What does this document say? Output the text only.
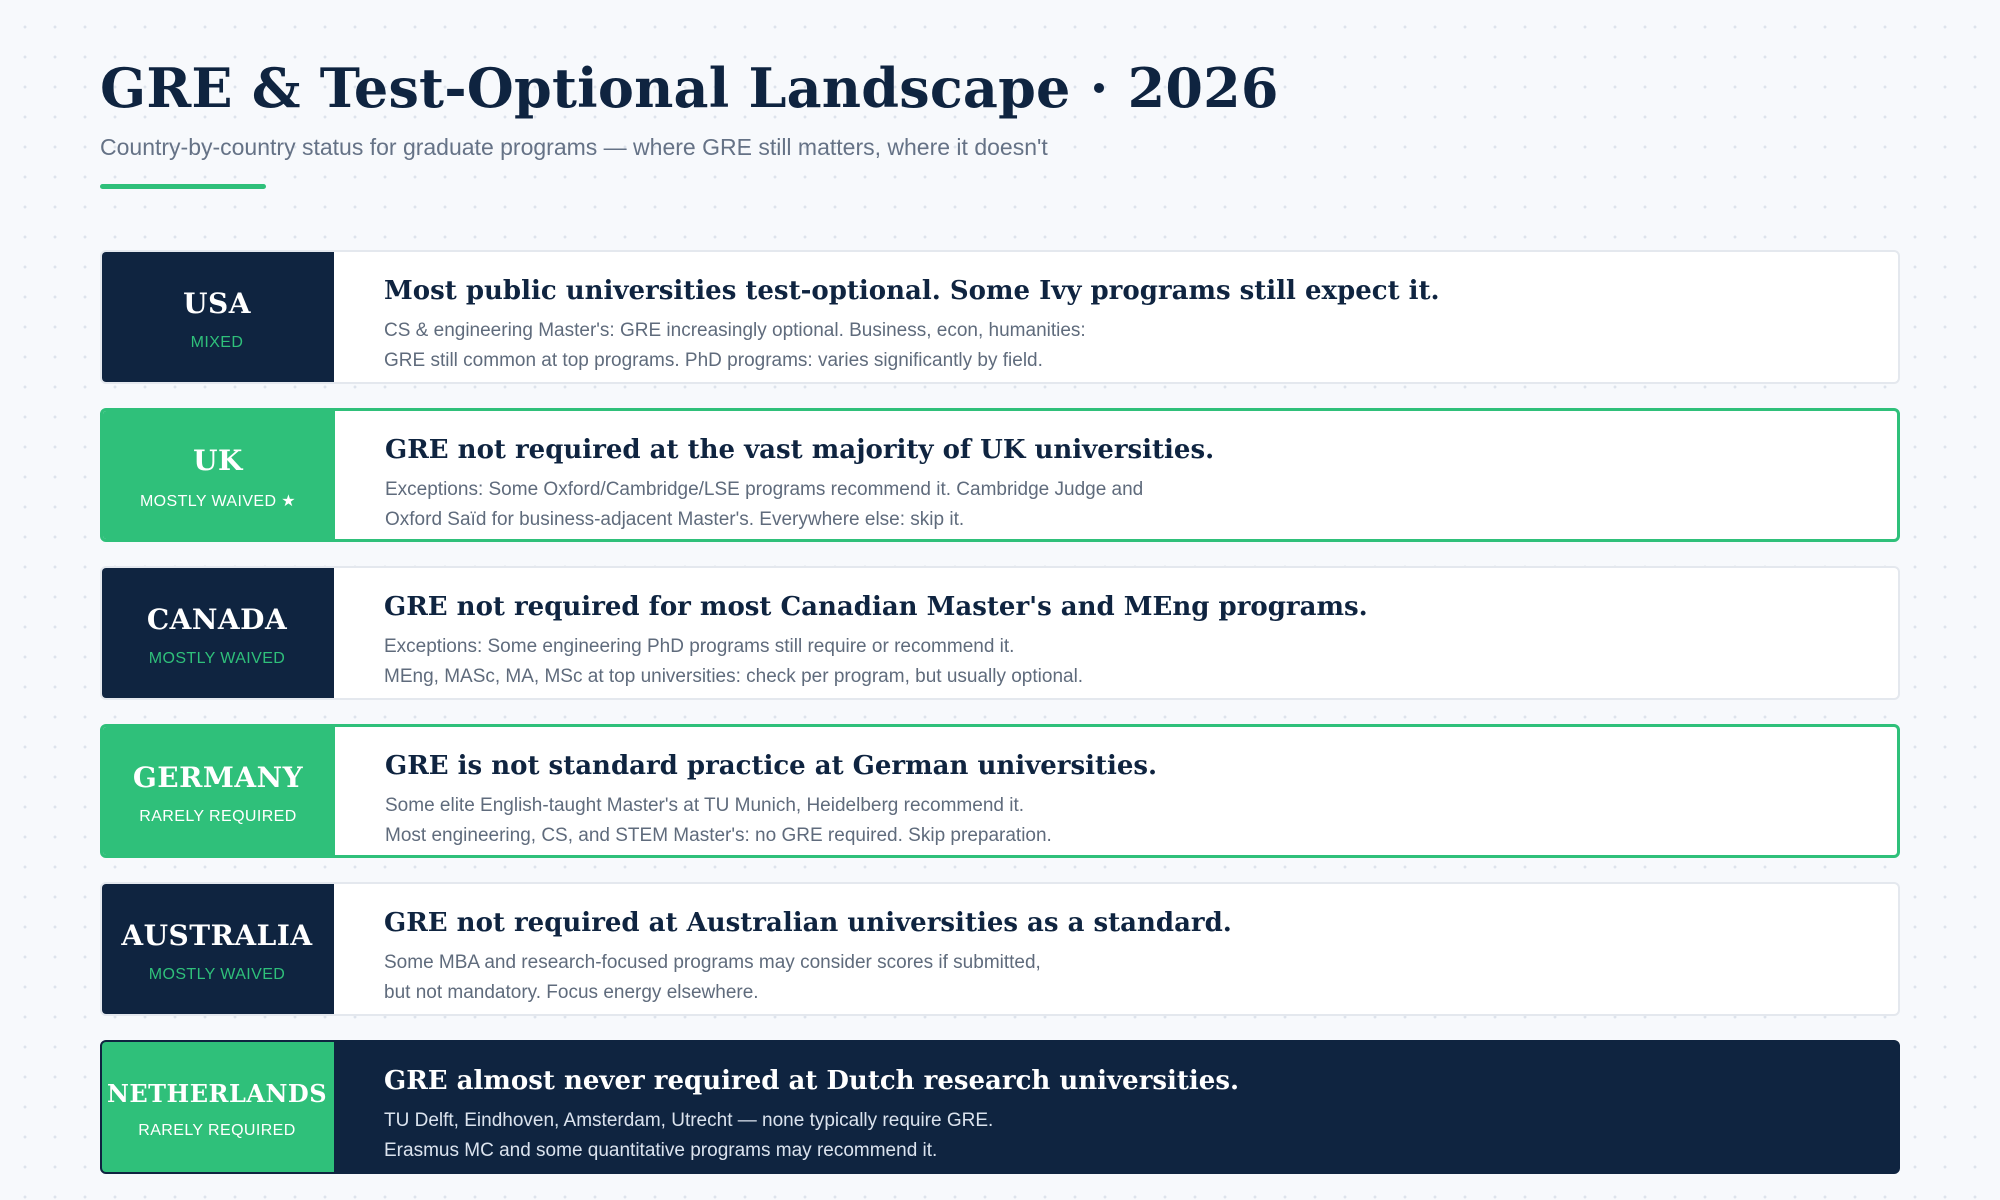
GRE & Test-Optional Landscape · 2026

Country-by-country status for graduate programs — where GRE still matters, where it doesn't

USA
MIXED
Most public universities test-optional. Some Ivy programs still expect it.
CS & engineering Master's: GRE increasingly optional. Business, econ, humanities:
GRE still common at top programs. PhD programs: varies significantly by field.
UK
MOSTLY WAIVED ★
GRE not required at the vast majority of UK universities.
Exceptions: Some Oxford/Cambridge/LSE programs recommend it. Cambridge Judge and
Oxford Saïd for business-adjacent Master's. Everywhere else: skip it.
CANADA
MOSTLY WAIVED
GRE not required for most Canadian Master's and MEng programs.
Exceptions: Some engineering PhD programs still require or recommend it.
MEng, MASc, MA, MSc at top universities: check per program, but usually optional.
GERMANY
RARELY REQUIRED
GRE is not standard practice at German universities.
Some elite English-taught Master's at TU Munich, Heidelberg recommend it.
Most engineering, CS, and STEM Master's: no GRE required. Skip preparation.
AUSTRALIA
MOSTLY WAIVED
GRE not required at Australian universities as a standard.
Some MBA and research-focused programs may consider scores if submitted,
but not mandatory. Focus energy elsewhere.
NETHERLANDS
RARELY REQUIRED
GRE almost never required at Dutch research universities.
TU Delft, Eindhoven, Amsterdam, Utrecht — none typically require GRE.
Erasmus MC and some quantitative programs may recommend it.
